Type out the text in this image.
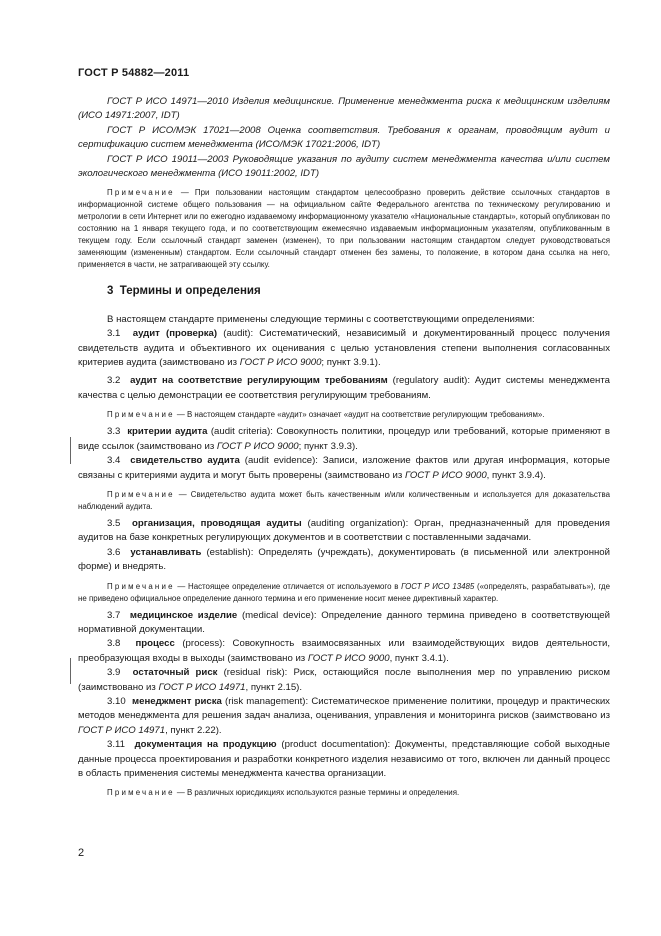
ГОСТ Р 54882—2011

ГОСТ Р ИСО 14971—2010 Изделия медицинские. Применение менеджмента риска к медицинским изделиям (ИСО 14971:2007, IDT)

ГОСТ Р ИСО/МЭК 17021—2008 Оценка соответствия. Требования к органам, проводящим аудит и сертификацию систем менеджмента (ИСО/МЭК 17021:2006, IDT)

ГОСТ Р ИСО 19011—2003 Руководящие указания по аудиту систем менеджмента качества и/или систем экологического менеджмента (ИСО 19011:2002, IDT)

Примечание — При пользовании настоящим стандартом целесообразно проверить действие ссылочных стандартов в информационной системе общего пользования — на официальном сайте Федерального агентства по техническому регулированию и метрологии в сети Интернет или по ежегодно издаваемому информационному указателю «Национальные стандарты», который опубликован по состоянию на 1 января текущего года, и по соответствующим ежемесячно издаваемым информационным указателям, опубликованным в текущем году. Если ссылочный стандарт заменен (изменен), то при пользовании настоящим стандартом следует руководствоваться заменяющим (измененным) стандартом. Если ссылочный стандарт отменен без замены, то положение, в котором дана ссылка на него, применяется в части, не затрагивающей эту ссылку.

3 Термины и определения

В настоящем стандарте применены следующие термины с соответствующими определениями:

3.1 аудит (проверка) (audit): Систематический, независимый и документированный процесс получения свидетельств аудита и объективного их оценивания с целью установления степени выполнения согласованных критериев аудита (заимствовано из ГОСТ Р ИСО 9000; пункт 3.9.1).

3.2 аудит на соответствие регулирующим требованиям (regulatory audit): Аудит системы менеджмента качества с целью демонстрации ее соответствия регулирующим требованиям.

Примечание — В настоящем стандарте «аудит» означает «аудит на соответствие регулирующим требованиям».

3.3 критерии аудита (audit criteria): Совокупность политики, процедур или требований, которые применяют в виде ссылок (заимствовано из ГОСТ Р ИСО 9000; пункт 3.9.3).

3.4 свидетельство аудита (audit evidence): Записи, изложение фактов или другая информация, которые связаны с критериями аудита и могут быть проверены (заимствовано из ГОСТ Р ИСО 9000, пункт 3.9.4).

Примечание — Свидетельство аудита может быть качественным и/или количественным и используется для доказательства наблюдений аудита.

3.5 организация, проводящая аудиты (auditing organization): Орган, предназначенный для проведения аудитов на базе конкретных регулирующих документов и в соответствии с поставленными задачами.

3.6 устанавливать (establish): Определять (учреждать), документировать (в письменной или электронной форме) и внедрять.

Примечание — Настоящее определение отличается от используемого в ГОСТ Р ИСО 13485 («определять, разрабатывать»), где не приведено официальное определение данного термина и его применение носит менее директивный характер.

3.7 медицинское изделие (medical device): Определение данного термина приведено в соответствующей нормативной документации.

3.8 процесс (process): Совокупность взаимосвязанных или взаимодействующих видов деятельности, преобразующая входы в выходы (заимствовано из ГОСТ Р ИСО 9000, пункт 3.4.1).

3.9 остаточный риск (residual risk): Риск, остающийся после выполнения мер по управлению риском (заимствовано из ГОСТ Р ИСО 14971, пункт 2.15).

3.10 менеджмент риска (risk management): Систематическое применение политики, процедур и практических методов менеджмента для решения задач анализа, оценивания, управления и мониторинга рисков (заимствовано из ГОСТ Р ИСО 14971, пункт 2.22).

3.11 документация на продукцию (product documentation): Документы, представляющие собой выходные данные процесса проектирования и разработки конкретного изделия независимо от того, включен ли данный процесс в область применения системы менеджмента качества организации.

Примечание — В различных юрисдикциях используются разные термины и определения.

2
